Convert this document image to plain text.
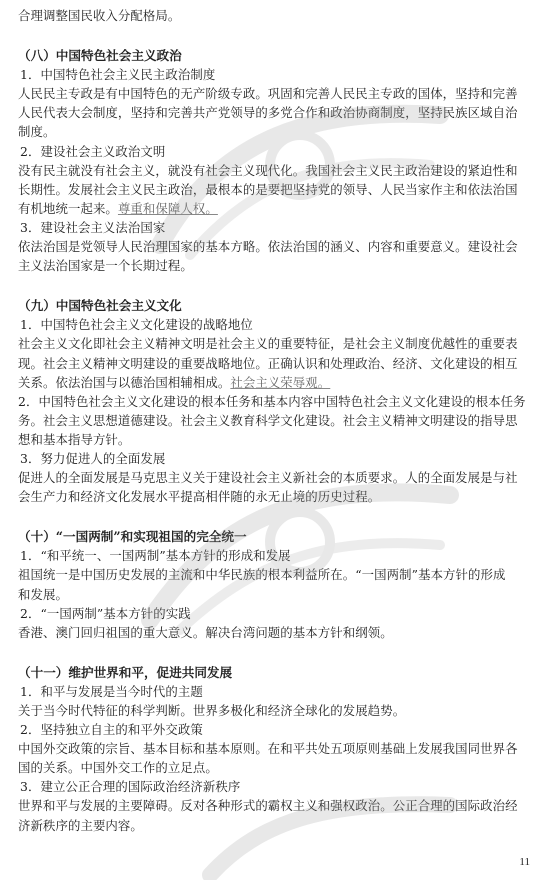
合理调整国民收入分配格局。
（八）中国特色社会主义政治
1．中国特色社会主义民主政治制度
人民民主专政是有中国特色的无产阶级专政。巩固和完善人民民主专政的国体，坚持和完善
人民代表大会制度，坚持和完善共产党领导的多党合作和政治协商制度，坚持民族区域自治
制度。
2．建设社会主义政治文明
没有民主就没有社会主义，就没有社会主义现代化。我国社会主义民主政治建设的紧迫性和
长期性。发展社会主义民主政治，最根本的是要把坚持党的领导、人民当家作主和依法治国
有机地统一起来。尊重和保障人权。
3．建设社会主义法治国家
依法治国是党领导人民治理国家的基本方略。依法治国的涵义、内容和重要意义。建设社会
主义法治国家是一个长期过程。
（九）中国特色社会主义文化
1．中国特色社会主义文化建设的战略地位
社会主义文化即社会主义精神文明是社会主义的重要特征，是社会主义制度优越性的重要表
现。社会主义精神文明建设的重要战略地位。正确认识和处理政治、经济、文化建设的相互
关系。依法治国与以德治国相辅相成。社会主义荣辱观。
2．中国特色社会主义文化建设的根本任务和基本内容中国特色社会主义文化建设的根本任务
务。社会主义思想道德建设。社会主义教育科学文化建设。社会主义精神文明建设的指导思
想和基本指导方针。
3．努力促进人的全面发展
促进人的全面发展是马克思主义关于建设社会主义新社会的本质要求。人的全面发展是与社
会生产力和经济文化发展水平提高相伴随的永无止境的历史过程。
（十）“一国两制”和实现祖国的完全统一
1．“和平统一、一国两制”基本方针的形成和发展
祖国统一是中国历史发展的主流和中华民族的根本利益所在。“一国两制”基本方针的形成
和发展。
2．“一国两制”基本方针的实践
香港、澳门回归祖国的重大意义。解决台湾问题的基本方针和纲领。
（十一）维护世界和平，促进共同发展
1．和平与发展是当今时代的主题
关于当今时代特征的科学判断。世界多极化和经济全球化的发展趋势。
2．坚持独立自主的和平外交政策
中国外交政策的宗旨、基本目标和基本原则。在和平共处五项原则基础上发展我国同世界各
国的关系。中国外交工作的立足点。
3．建立公正合理的国际政治经济新秩序
世界和平与发展的主要障碍。反对各种形式的霸权主义和强权政治。公正合理的国际政治经
济新秩序的主要内容。
11
